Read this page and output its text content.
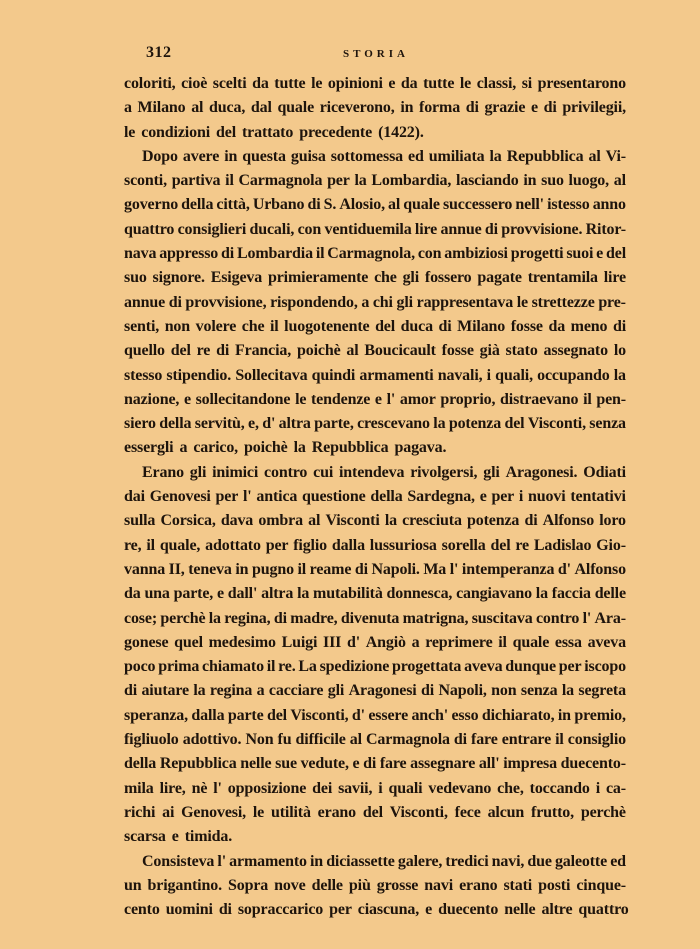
312	STORIA
coloriti, cioè scelti da tutte le opinioni e da tutte le classi, si presentarono
a Milano al duca, dal quale riceverono, in forma di grazie e di privilegii,
le condizioni del trattato precedente (1422).
Dopo avere in questa guisa sottomessa ed umiliata la Repubblica al Vi-
sconti, partiva il Carmagnola per la Lombardia, lasciando in suo luogo, al
governo della città, Urbano di S. Alosio, al quale successero nell' istesso anno
quattro consiglieri ducali, con ventiduemila lire annue di provvisione. Ritor-
nava appresso di Lombardia il Carmagnola, con ambiziosi progetti suoi e del
suo signore. Esigeva primieramente che gli fossero pagate trentamila lire
annue di provvisione, rispondendo, a chi gli rappresentava le strettezze pre-
senti, non volere che il luogotenente del duca di Milano fosse da meno di
quello del re di Francia, poichè al Boucicault fosse già stato assegnato lo
stesso stipendio. Sollecitava quindi armamenti navali, i quali, occupando la
nazione, e sollecitandone le tendenze e l' amor proprio, distraevano il pen-
siero della servitù, e, d' altra parte, crescevano la potenza del Visconti, senza
essergli a carico, poichè la Repubblica pagava.
Erano gli inimici contro cui intendeva rivolgersi, gli Aragonesi. Odiati
dai Genovesi per l' antica questione della Sardegna, e per i nuovi tentativi
sulla Corsica, dava ombra al Visconti la cresciuta potenza di Alfonso loro
re, il quale, adottato per figlio dalla lussuriosa sorella del re Ladislao Gio-
vanna II, teneva in pugno il reame di Napoli. Ma l' intemperanza d' Alfonso
da una parte, e dall' altra la mutabilità donnesca, cangiavano la faccia delle
cose; perchè la regina, di madre, divenuta matrigna, suscitava contro l' Ara-
gonese quel medesimo Luigi III d' Angiò a reprimere il quale essa aveva
poco prima chiamato il re. La spedizione progettata aveva dunque per iscopo
di aiutare la regina a cacciare gli Aragonesi di Napoli, non senza la segreta
speranza, dalla parte del Visconti, d' essere anch' esso dichiarato, in premio,
figliuolo adottivo. Non fu difficile al Carmagnola di fare entrare il consiglio
della Repubblica nelle sue vedute, e di fare assegnare all' impresa duecento-
mila lire, nè l' opposizione dei savii, i quali vedevano che, toccando i ca-
richi ai Genovesi, le utilità erano del Visconti, fece alcun frutto, perchè
scarsa e timida.
Consisteva l' armamento in diciassette galere, tredici navi, due galeotte ed
un brigantino. Sopra nove delle più grosse navi erano stati posti cinque-
cento uomini di sopraccarico per ciascuna, e duecento nelle altre quattro
